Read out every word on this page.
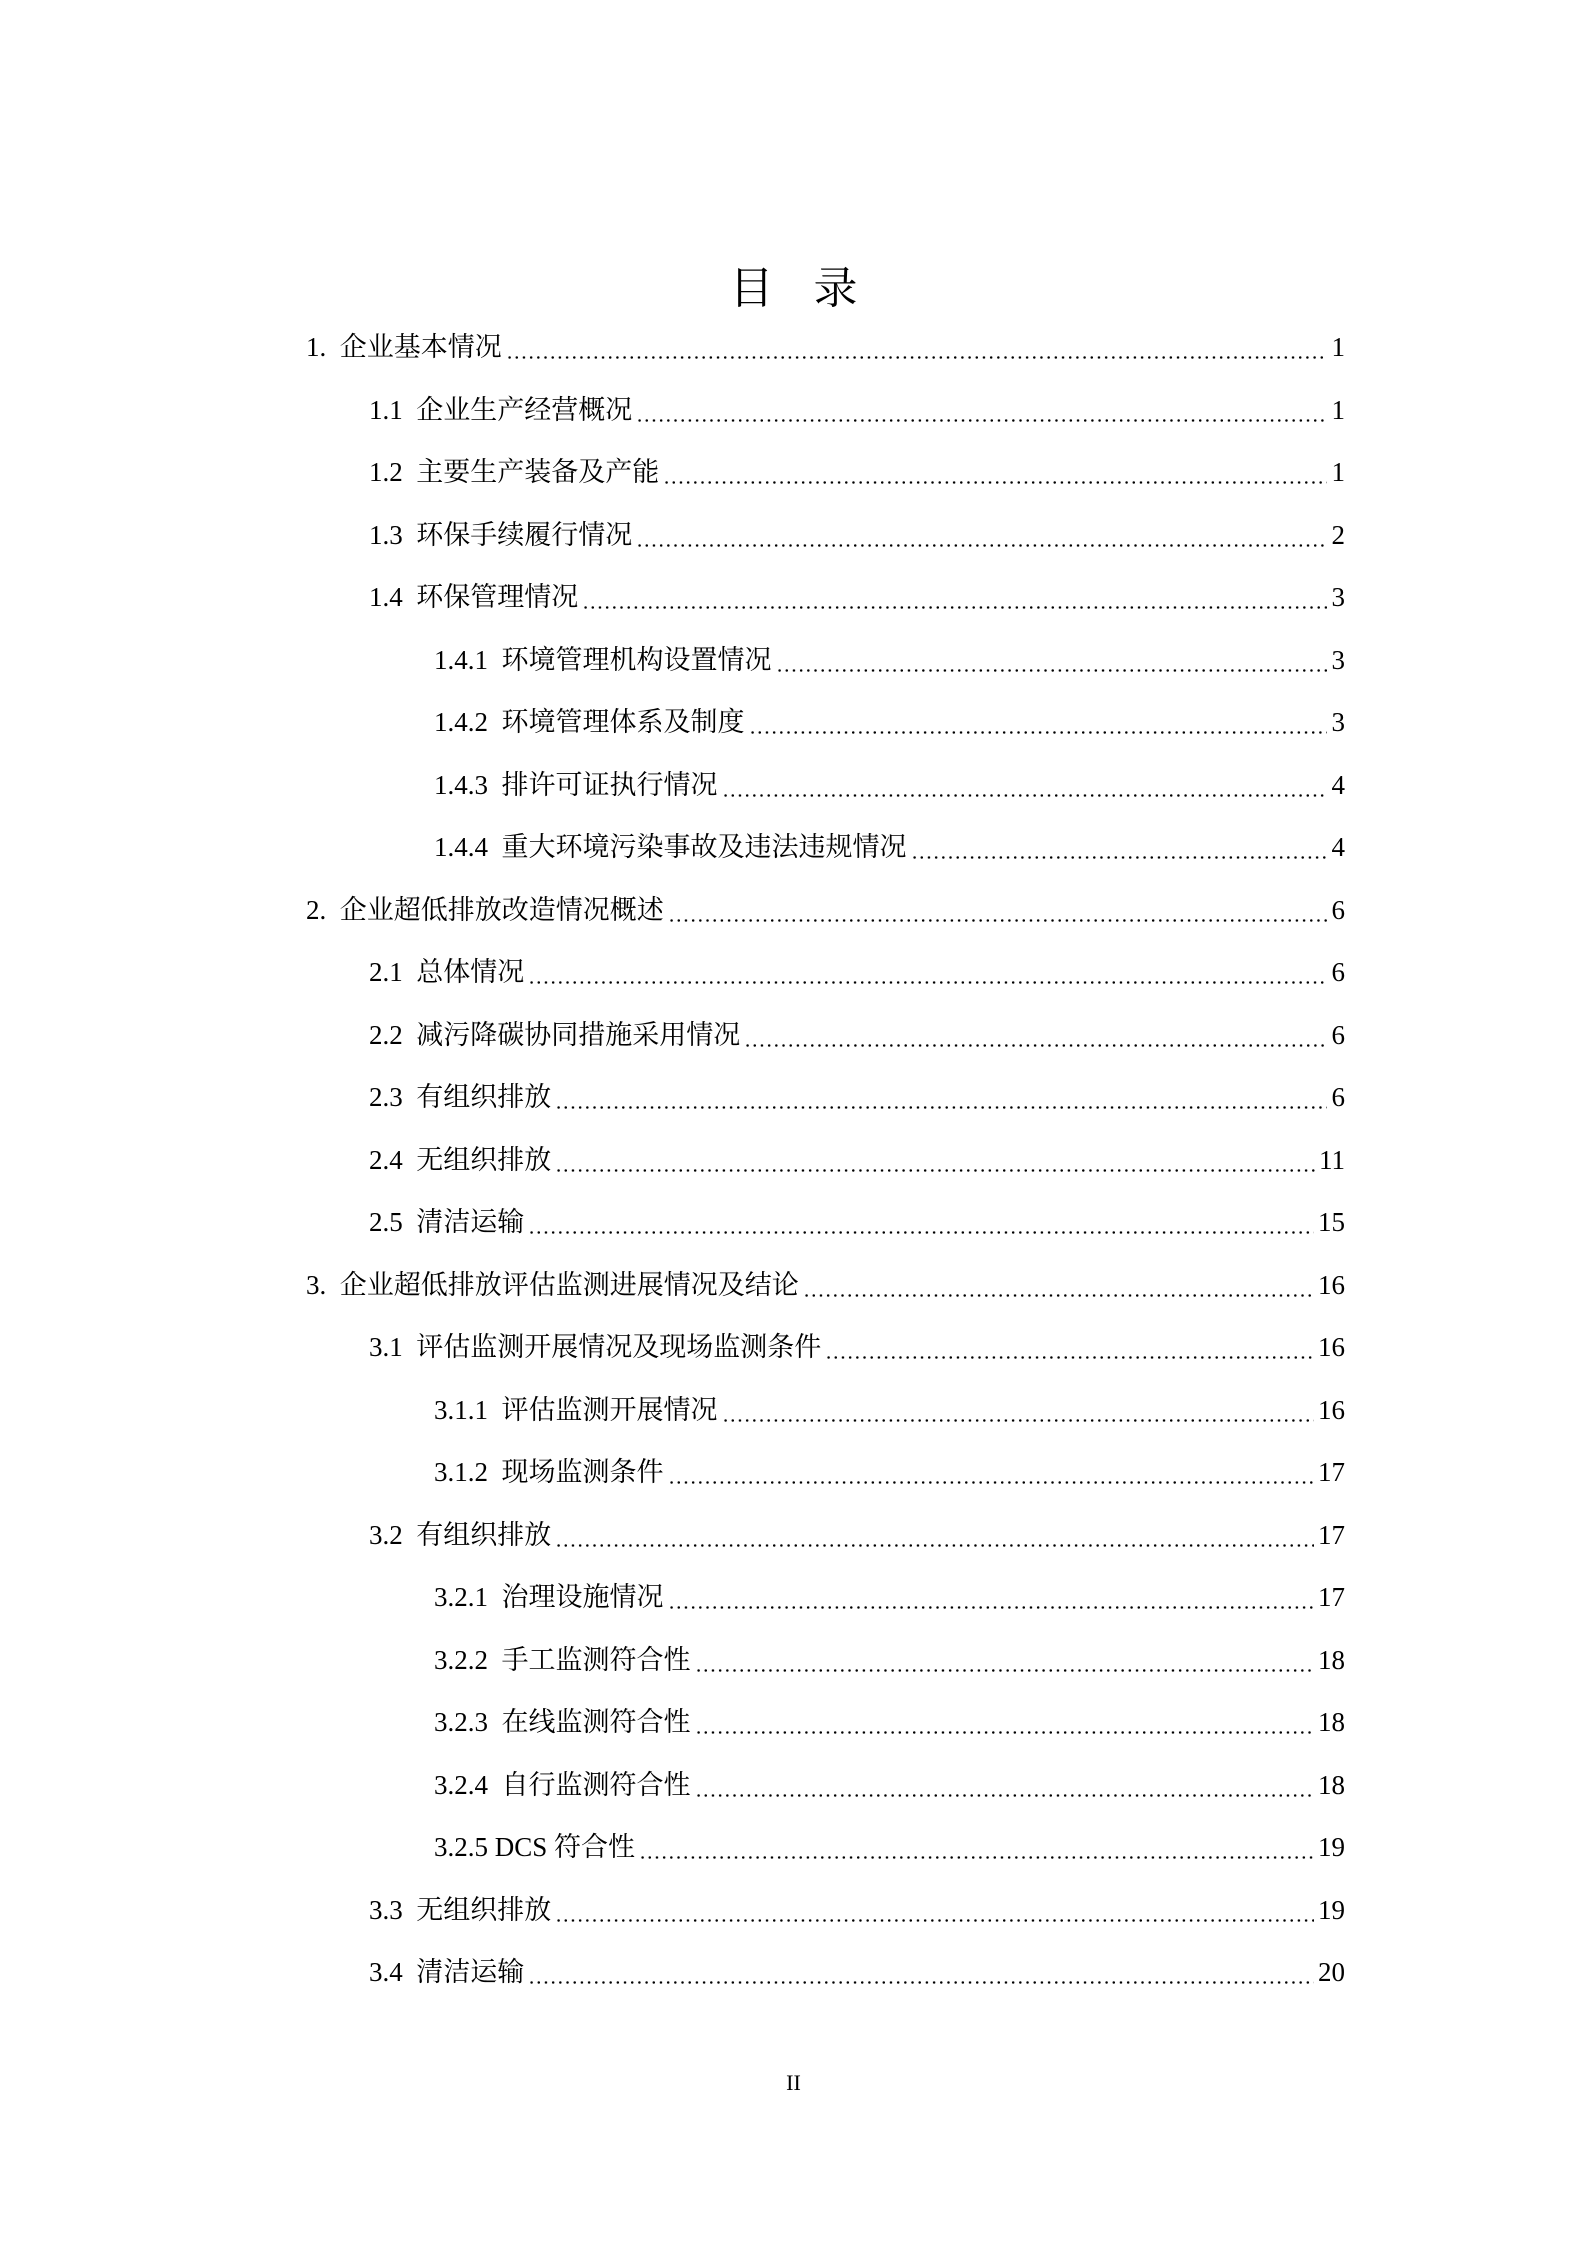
目录
1. 企业基本情况	1
1.1 企业生产经营概况	1
1.2 主要生产装备及产能	1
1.3 环保手续履行情况	2
1.4 环保管理情况	3
1.4.1 环境管理机构设置情况	3
1.4.2 环境管理体系及制度	3
1.4.3 排许可证执行情况	4
1.4.4 重大环境污染事故及违法违规情况	4
2. 企业超低排放改造情况概述	6
2.1 总体情况	6
2.2 减污降碳协同措施采用情况	6
2.3 有组织排放	6
2.4 无组织排放	11
2.5 清洁运输	15
3. 企业超低排放评估监测进展情况及结论	16
3.1 评估监测开展情况及现场监测条件	16
3.1.1 评估监测开展情况	16
3.1.2 现场监测条件	17
3.2 有组织排放	17
3.2.1 治理设施情况	17
3.2.2 手工监测符合性	18
3.2.3 在线监测符合性	18
3.2.4 自行监测符合性	18
3.2.5 DCS 符合性	19
3.3 无组织排放	19
3.4 清洁运输	20
II
